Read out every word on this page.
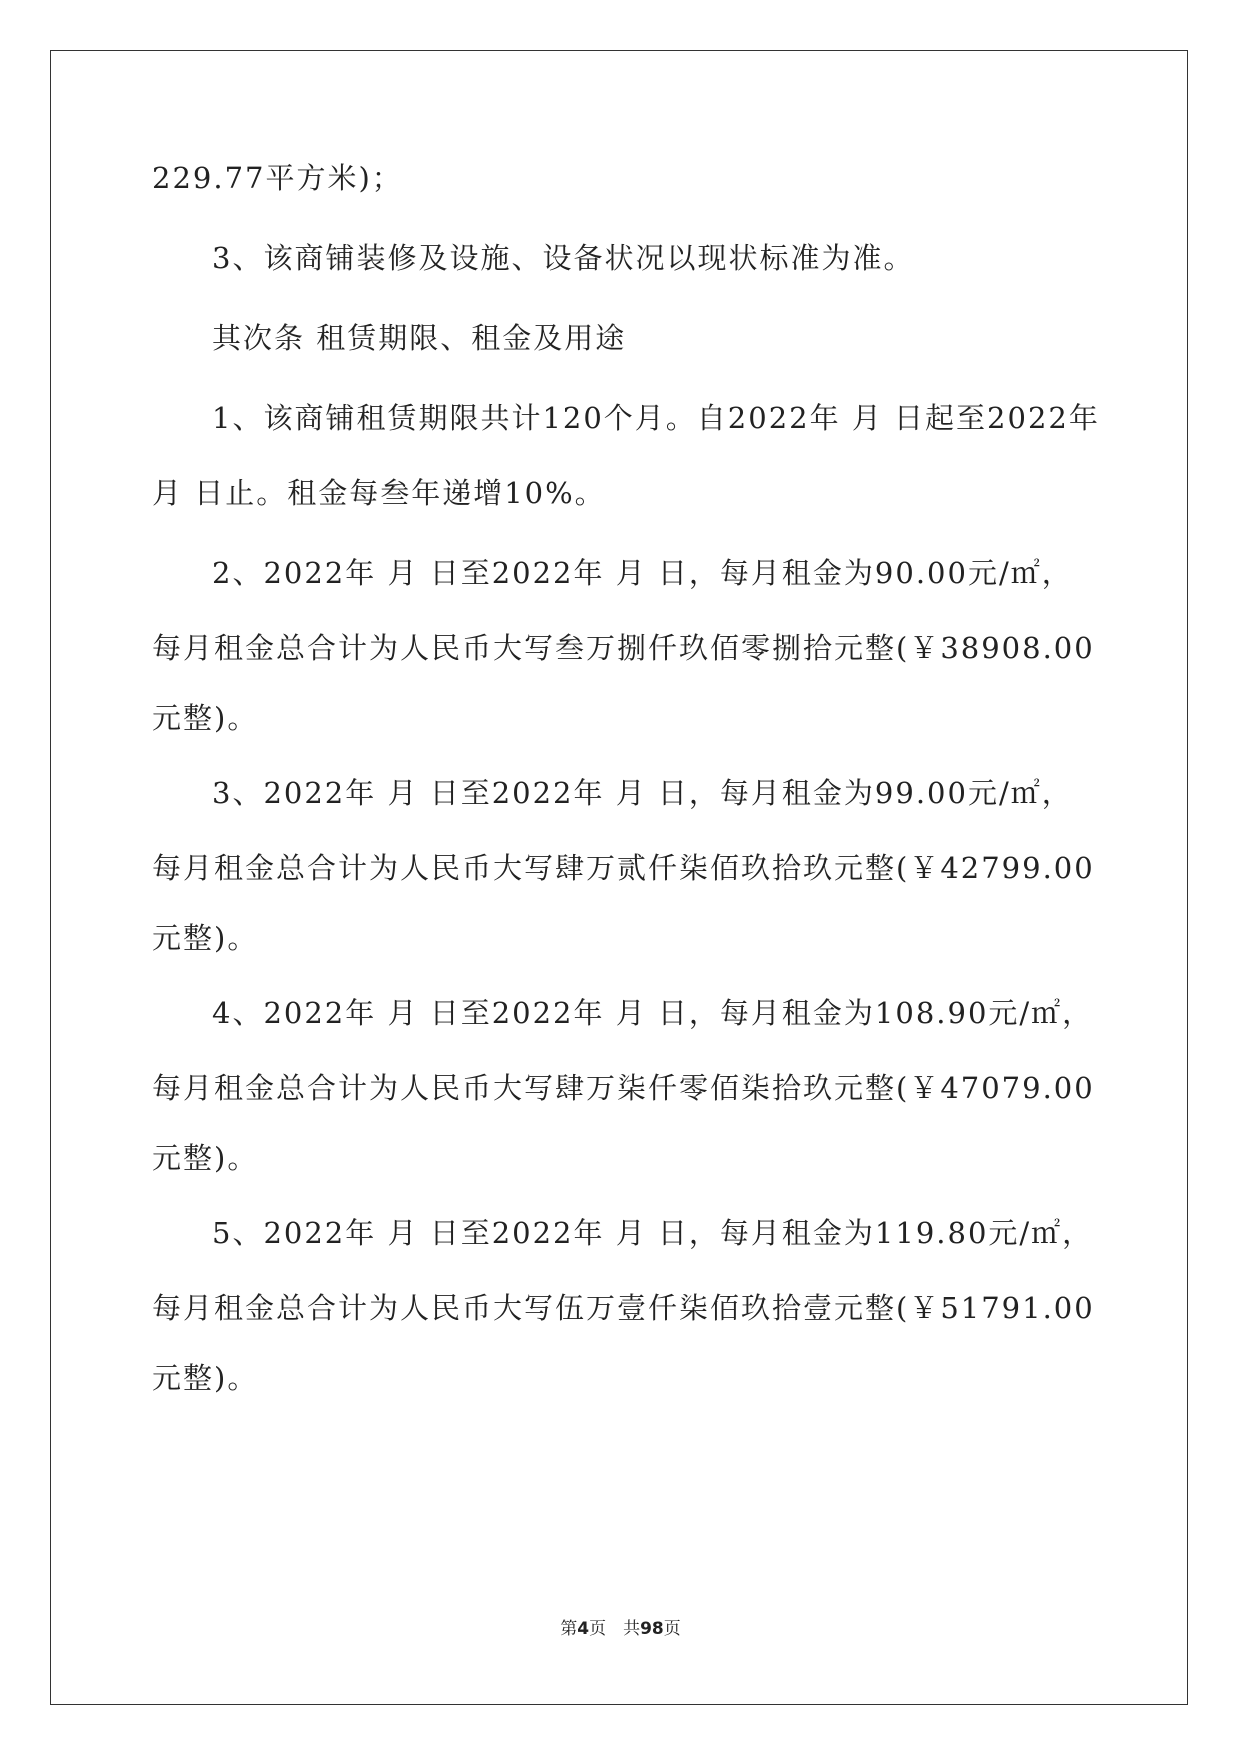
229.77平方米)；
3、该商铺装修及设施、设备状况以现状标准为准。
其次条 租赁期限、租金及用途
1、该商铺租赁期限共计120个月。自2022年 月 日起至2022年
月 日止。租金每叁年递增10%。
2、2022年 月 日至2022年 月 日，每月租金为90.00元/㎡，
每月租金总合计为人民币大写叁万捌仟玖佰零捌拾元整(￥38908.00
元整)。
3、2022年 月 日至2022年 月 日，每月租金为99.00元/㎡，
每月租金总合计为人民币大写肆万贰仟柒佰玖拾玖元整(￥42799.00
元整)。
4、2022年 月 日至2022年 月 日，每月租金为108.90元/㎡，
每月租金总合计为人民币大写肆万柒仟零佰柒拾玖元整(￥47079.00
元整)。
5、2022年 月 日至2022年 月 日，每月租金为119.80元/㎡，
每月租金总合计为人民币大写伍万壹仟柒佰玖拾壹元整(￥51791.00
元整)。
第4页　共98页
